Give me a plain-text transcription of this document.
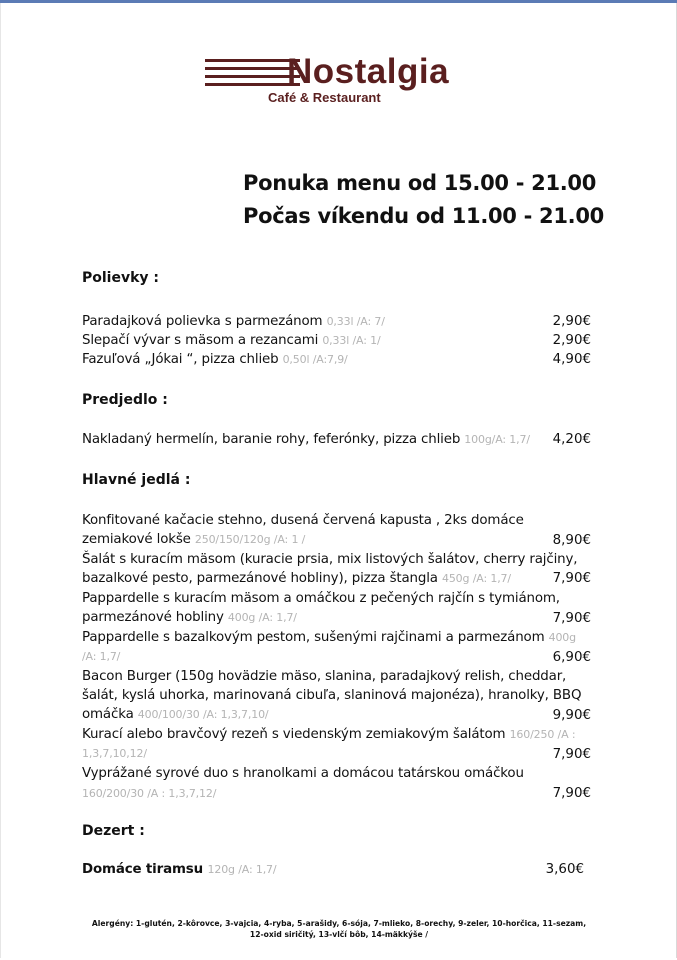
Nostalgia
Café & Restaurant
Ponuka menu od 15.00 - 21.00
Počas víkendu od 11.00 - 21.00
Polievky :
Paradajková polievka s parmezánom 0,33l /A: 7/	2,90€
Slepačí vývar s mäsom a rezancami 0,33l /A: 1/	2,90€
Fazuľová „Jókai “, pizza chlieb 0,50l /A:7,9/	4,90€
Predjedlo :
Nakladaný hermelín, baranie rohy, feferónky, pizza chlieb 100g/A: 1,7/ 4,20€
Hlavné jedlá :
Konfitované kačacie stehno, dusená červená kapusta , 2ks domáce
zemiakové lokše 250/150/120g /A: 1 /	8,90€
Šalát s kuracím mäsom (kuracie prsia, mix listových šalátov, cherry rajčiny,
bazalkové pesto, parmezánové hobliny), pizza štangla 450g /A: 1,7/	7,90€
Pappardelle s kuracím mäsom a omáčkou z pečených rajčín s tymiánom,
parmezánové hobliny 400g /A: 1,7/	7,90€
Pappardelle s bazalkovým pestom, sušenými rajčinami a parmezánom 400g
/A: 1,7/	6,90€
Bacon Burger (150g hovädzie mäso, slanina, paradajkový relish, cheddar,
šalát, kyslá uhorka, marinovaná cibuľa, slaninová majonéza), hranolky, BBQ
omáčka 400/100/30 /A: 1,3,7,10/	9,90€
Kurací alebo bravčový rezeň s viedenským zemiakovým šalátom 160/250 /A :
1,3,7,10,12/	7,90€
Vyprážané syrové duo s hranolkami a domácou tatárskou omáčkou
160/200/30 /A : 1,3,7,12/	7,90€
Dezert :
Domáce tiramsu 120g /A: 1,7/	3,60€
Alergény: 1-glutén, 2-kôrovce, 3-vajcia, 4-ryba, 5-arašidy, 6-sója, 7-mlieko, 8-orechy, 9-zeler, 10-horčica, 11-sezam, 12-oxid siričitý, 13-vlčí bôb, 14-mäkkýše /
